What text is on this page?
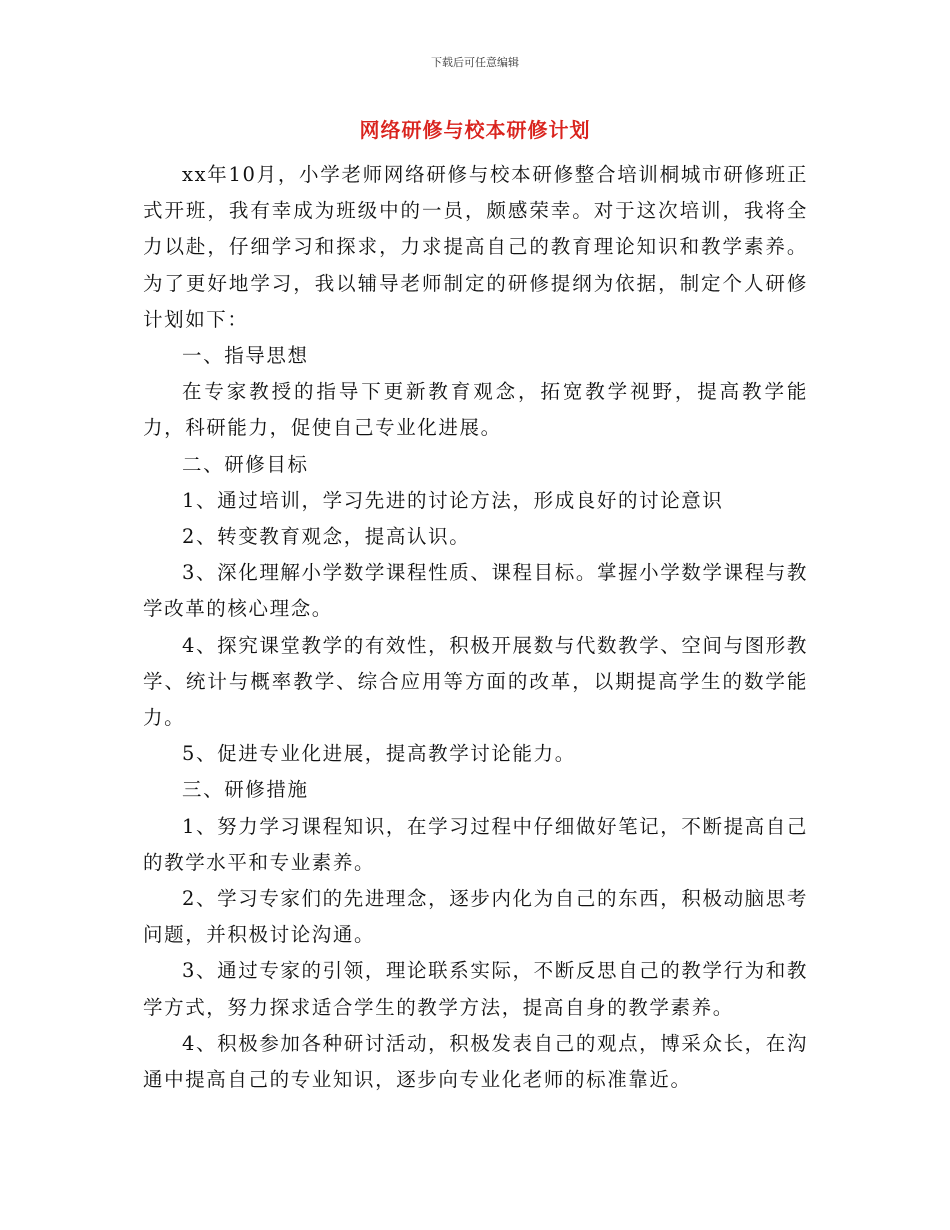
下载后可任意编辑
网络研修与校本研修计划

xx年10月，小学老师网络研修与校本研修整合培训桐城市研修班正式开班，我有幸成为班级中的一员，颇感荣幸。对于这次培训，我将全力以赴，仔细学习和探求，力求提高自己的教育理论知识和教学素养。为了更好地学习，我以辅导老师制定的研修提纲为依据，制定个人研修计划如下：

一、指导思想

在专家教授的指导下更新教育观念，拓宽教学视野，提高教学能力，科研能力，促使自己专业化进展。

二、研修目标

1、通过培训，学习先进的讨论方法，形成良好的讨论意识

2、转变教育观念，提高认识。

3、深化理解小学数学课程性质、课程目标。掌握小学数学课程与教学改革的核心理念。

4、探究课堂教学的有效性，积极开展数与代数教学、空间与图形教学、统计与概率教学、综合应用等方面的改革，以期提高学生的数学能力。

5、促进专业化进展，提高教学讨论能力。

三、研修措施

1、努力学习课程知识，在学习过程中仔细做好笔记，不断提高自己的教学水平和专业素养。

2、学习专家们的先进理念，逐步内化为自己的东西，积极动脑思考问题，并积极讨论沟通。

3、通过专家的引领，理论联系实际，不断反思自己的教学行为和教学方式，努力探求适合学生的教学方法，提高自身的教学素养。

4、积极参加各种研讨活动，积极发表自己的观点，博采众长，在沟通中提高自己的专业知识，逐步向专业化老师的标准靠近。
